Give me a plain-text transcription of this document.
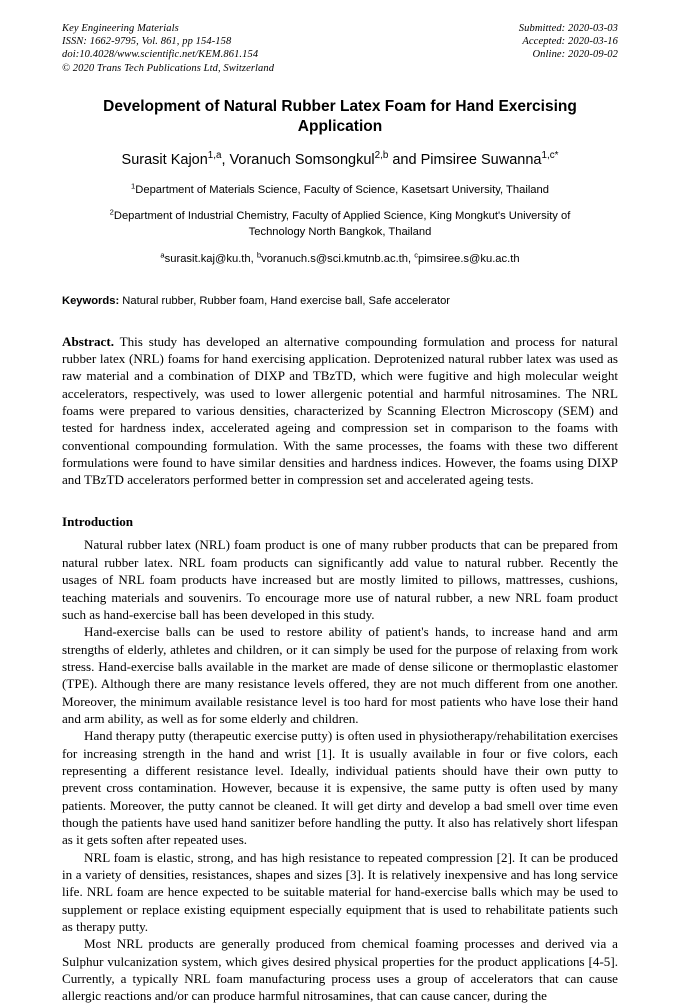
Key Engineering Materials
ISSN: 1662-9795, Vol. 861, pp 154-158
doi:10.4028/www.scientific.net/KEM.861.154
© 2020 Trans Tech Publications Ltd, Switzerland
Submitted: 2020-03-03
Accepted: 2020-03-16
Online: 2020-09-02
Development of Natural Rubber Latex Foam for Hand Exercising Application
Surasit Kajon$^{1,a}$, Voranuch Somsongkul$^{2,b}$ and Pimsiree Suwanna$^{1,c*}$
$^1$Department of Materials Science, Faculty of Science, Kasetsart University, Thailand
$^2$Department of Industrial Chemistry, Faculty of Applied Science, King Mongkut's University of Technology North Bangkok, Thailand
$^a$surasit.kaj@ku.th, $^b$voranuch.s@sci.kmutnb.ac.th, $^c$pimsiree.s@ku.ac.th
Keywords: Natural rubber, Rubber foam, Hand exercise ball, Safe accelerator
Abstract. This study has developed an alternative compounding formulation and process for natural rubber latex (NRL) foams for hand exercising application. Deprotenized natural rubber latex was used as raw material and a combination of DIXP and TBzTD, which were fugitive and high molecular weight accelerators, respectively, was used to lower allergenic potential and harmful nitrosamines. The NRL foams were prepared to various densities, characterized by Scanning Electron Microscopy (SEM) and tested for hardness index, accelerated ageing and compression set in comparison to the foams with conventional compounding formulation. With the same processes, the foams with these two different formulations were found to have similar densities and hardness indices. However, the foams using DIXP and TBzTD accelerators performed better in compression set and accelerated ageing tests.
Introduction
Natural rubber latex (NRL) foam product is one of many rubber products that can be prepared from natural rubber latex. NRL foam products can significantly add value to natural rubber. Recently the usages of NRL foam products have increased but are mostly limited to pillows, mattresses, cushions, teaching materials and souvenirs. To encourage more use of natural rubber, a new NRL foam product such as hand-exercise ball has been developed in this study.
Hand-exercise balls can be used to restore ability of patient's hands, to increase hand and arm strengths of elderly, athletes and children, or it can simply be used for the purpose of relaxing from work stress. Hand-exercise balls available in the market are made of dense silicone or thermoplastic elastomer (TPE). Although there are many resistance levels offered, they are not much different from one another. Moreover, the minimum available resistance level is too hard for most patients who have lose their hand and arm ability, as well as for some elderly and children.
Hand therapy putty (therapeutic exercise putty) is often used in physiotherapy/rehabilitation exercises for increasing strength in the hand and wrist [1]. It is usually available in four or five colors, each representing a different resistance level. Ideally, individual patients should have their own putty to prevent cross contamination. However, because it is expensive, the same putty is often used by many patients. Moreover, the putty cannot be cleaned. It will get dirty and develop a bad smell over time even though the patients have used hand sanitizer before handling the putty. It also has relatively short lifespan as it gets soften after repeated uses.
NRL foam is elastic, strong, and has high resistance to repeated compression [2]. It can be produced in a variety of densities, resistances, shapes and sizes [3]. It is relatively inexpensive and has long service life. NRL foam are hence expected to be suitable material for hand-exercise balls which may be used to supplement or replace existing equipment especially equipment that is used to rehabilitate patients such as therapy putty.
Most NRL products are generally produced from chemical foaming processes and derived via a Sulphur vulcanization system, which gives desired physical properties for the product applications [4-5]. Currently, a typically NRL foam manufacturing process uses a group of accelerators that can cause allergic reactions and/or can produce harmful nitrosamines, that can cause cancer, during the
